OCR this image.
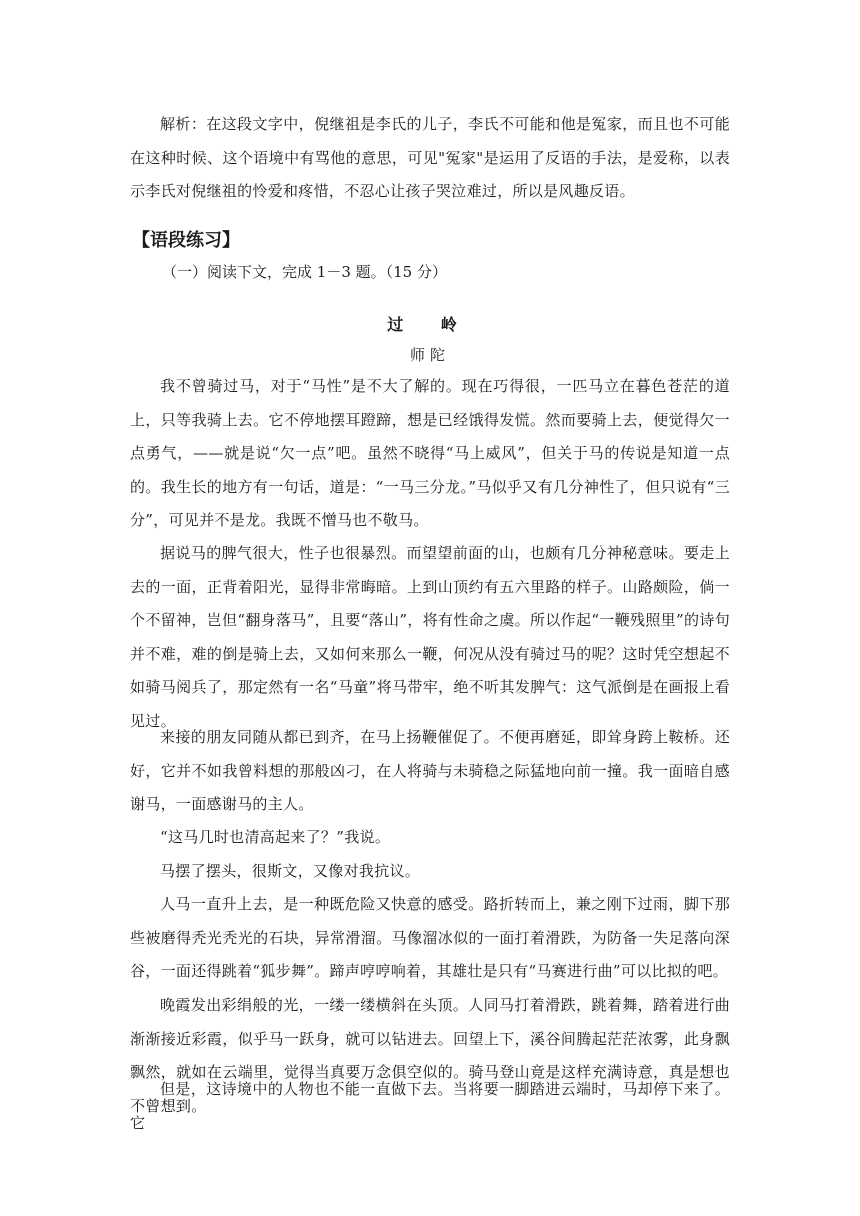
解析：在这段文字中，倪继祖是李氏的儿子，李氏不可能和他是冤家，而且也不可能在这种时候、这个语境中有骂他的意思，可见"冤家"是运用了反语的手法，是爱称，以表示李氏对倪继祖的怜爱和疼惜，不忍心让孩子哭泣难过，所以是风趣反语。

【语段练习】

（一）阅读下文，完成 1－3 题。（15 分）

过 岭

师陀

我不曾骑过马，对于“马性”是不大了解的。现在巧得很，一匹马立在暮色苍茫的道上，只等我骑上去。它不停地摆耳蹬蹄，想是已经饿得发慌。然而要骑上去，便觉得欠一点勇气，——就是说“欠一点”吧。虽然不晓得“马上威风”，但关于马的传说是知道一点的。我生长的地方有一句话，道是：“一马三分龙。”马似乎又有几分神性了，但只说有“三分”，可见并不是龙。我既不憎马也不敬马。

据说马的脾气很大，性子也很暴烈。而望望前面的山，也颇有几分神秘意味。要走上去的一面，正背着阳光，显得非常晦暗。上到山顶约有五六里路的样子。山路颇险，倘一个不留神，岂但“翻身落马”，且要“落山”，将有性命之虞。所以作起“一鞭残照里”的诗句并不难，难的倒是骑上去，又如何来那么一鞭，何况从没有骑过马的呢？这时凭空想起不如骑马阅兵了，那定然有一名“马童”将马带牢，绝不听其发脾气：这气派倒是在画报上看见过。

来接的朋友同随从都已到齐，在马上扬鞭催促了。不便再磨延，即耸身跨上鞍桥。还好，它并不如我曾料想的那般凶刁，在人将骑与未骑稳之际猛地向前一撞。我一面暗自感谢马，一面感谢马的主人。

“这马几时也清高起来了？”我说。

马摆了摆头，很斯文，又像对我抗议。

人马一直升上去，是一种既危险又快意的感受。路折转而上，兼之刚下过雨，脚下那些被磨得秃光秃光的石块，异常滑溜。马像溜冰似的一面打着滑跌，为防备一失足落向深谷，一面还得跳着“狐步舞”。蹄声哼哼响着，其雄壮是只有“马赛进行曲”可以比拟的吧。

晚霞发出彩绢般的光，一缕一缕横斜在头顶。人同马打着滑跌，跳着舞，踏着进行曲渐渐接近彩霞，似乎马一跃身，就可以钻进去。回望上下，溪谷间腾起茫茫浓雾，此身飘飘然，就如在云端里，觉得当真要万念俱空似的。骑马登山竟是这样充满诗意，真是想也不曾想到。

但是，这诗境中的人物也不能一直做下去。当将要一脚踏进云端时，马却停下来了。它
